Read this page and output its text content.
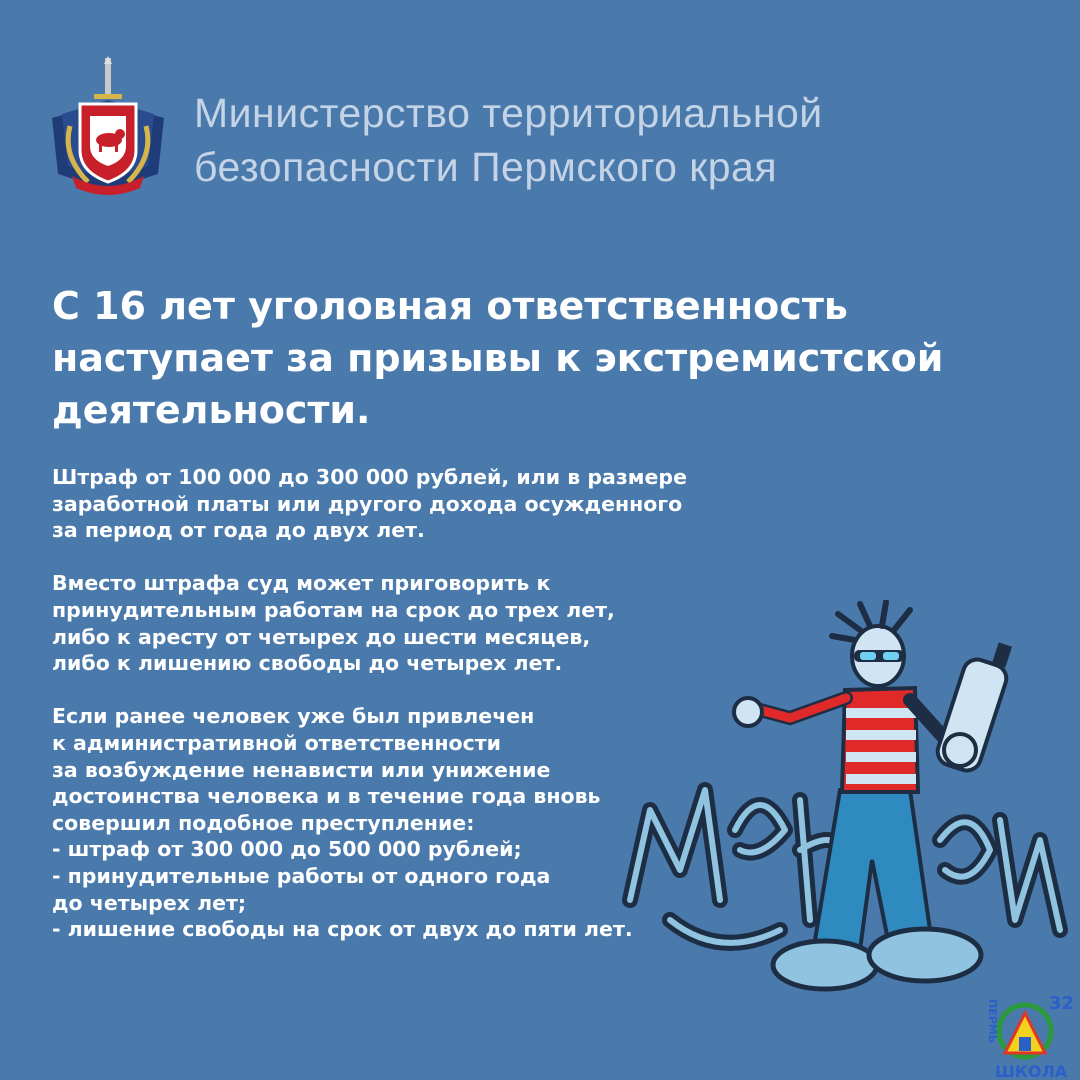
Министерство территориальной
безопасности Пермского края
С 16 лет уголовная ответственность
наступает за призывы к экстремистской
деятельности.
Штраф от 100 000 до 300 000 рублей, или в размере
заработной платы или другого дохода осужденного
за период от года до двух лет.
Вместо штрафа суд может приговорить к
принудительным работам на срок до трех лет,
либо к аресту от четырех до шести месяцев,
либо к лишению свободы до четырех лет.
Если ранее человек уже был привлечен
к административной ответственности
за возбуждение ненависти или унижение
достоинства человека и в течение года вновь
совершил подобное преступление:
- штраф от 300 000 до 500 000 рублей;
- принудительные работы от одного года
до четырех лет;
- лишение свободы на срок от двух до пяти лет.
32
ПЕРМЬ
ШКОЛА
